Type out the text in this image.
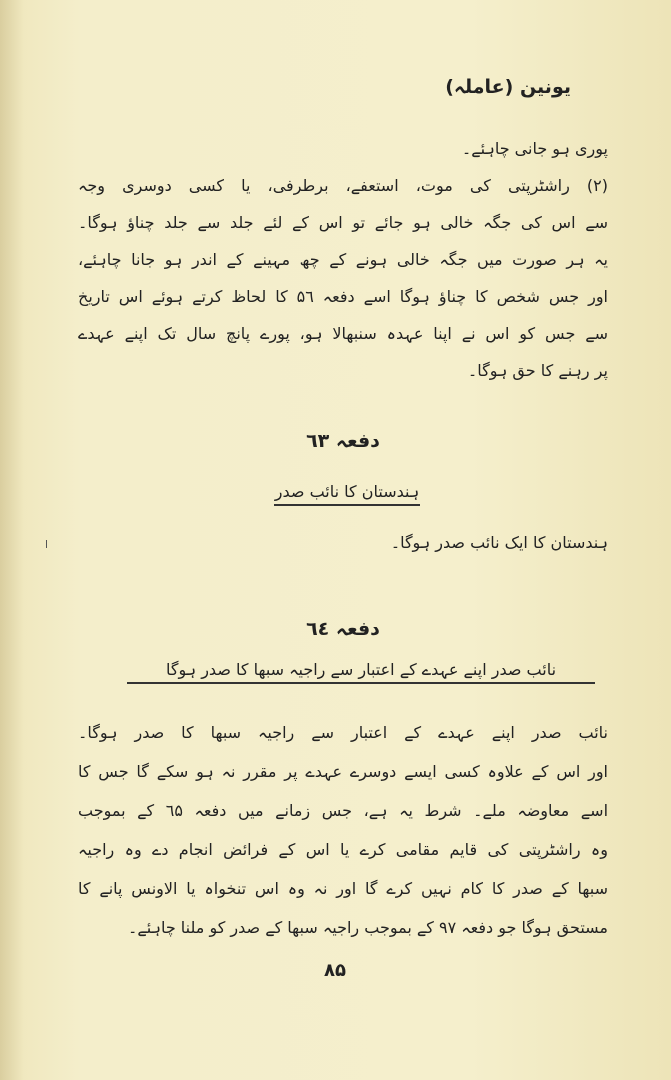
یونین (عاملہ)
پوری ہو جانی چاہئے۔
(۲) راشٹرپتی کی موت، استعفے، برطرفی، یا کسی دوسری وجہ
سے اس کی جگہ خالی ہو جائے تو اس کے لئے جلد سے جلد چناؤ ہوگا۔
یہ ہر صورت میں جگہ خالی ہونے کے چھ مہینے کے اندر ہو جانا چاہئے،
اور جس شخص کا چناؤ ہوگا اسے دفعہ ۵٦ کا لحاظ کرتے ہوئے اس تاریخ
سے جس کو اس نے اپنا عہدہ سنبھالا ہو، پورے پانچ سال تک اپنے عہدے
پر رہنے کا حق ہوگا۔
دفعہ ٦٣
ہندستان کا نائب صدر
ہندستان کا ایک نائب صدر ہوگا۔
دفعہ ٦٤
نائب صدر اپنے عہدے کے اعتبار سے راجیہ سبھا کا صدر ہوگا
نائب صدر اپنے عہدے کے اعتبار سے راجیہ سبھا کا صدر ہوگا۔
اور اس کے علاوہ کسی ایسے دوسرے عہدے پر مقرر نہ ہو سکے گا جس کا
اسے معاوضہ ملے۔ شرط یہ ہے، جس زمانے میں دفعہ ٦۵ کے بموجب
وہ راشٹرپتی کی قایم مقامی کرے یا اس کے فرائض انجام دے وہ راجیہ
سبھا کے صدر کا کام نہیں کرے گا اور نہ وہ اس تنخواہ یا الاونس پانے کا
مستحق ہوگا جو دفعہ ۹۷ کے بموجب راجیہ سبھا کے صدر کو ملنا چاہئے۔
۸۵
